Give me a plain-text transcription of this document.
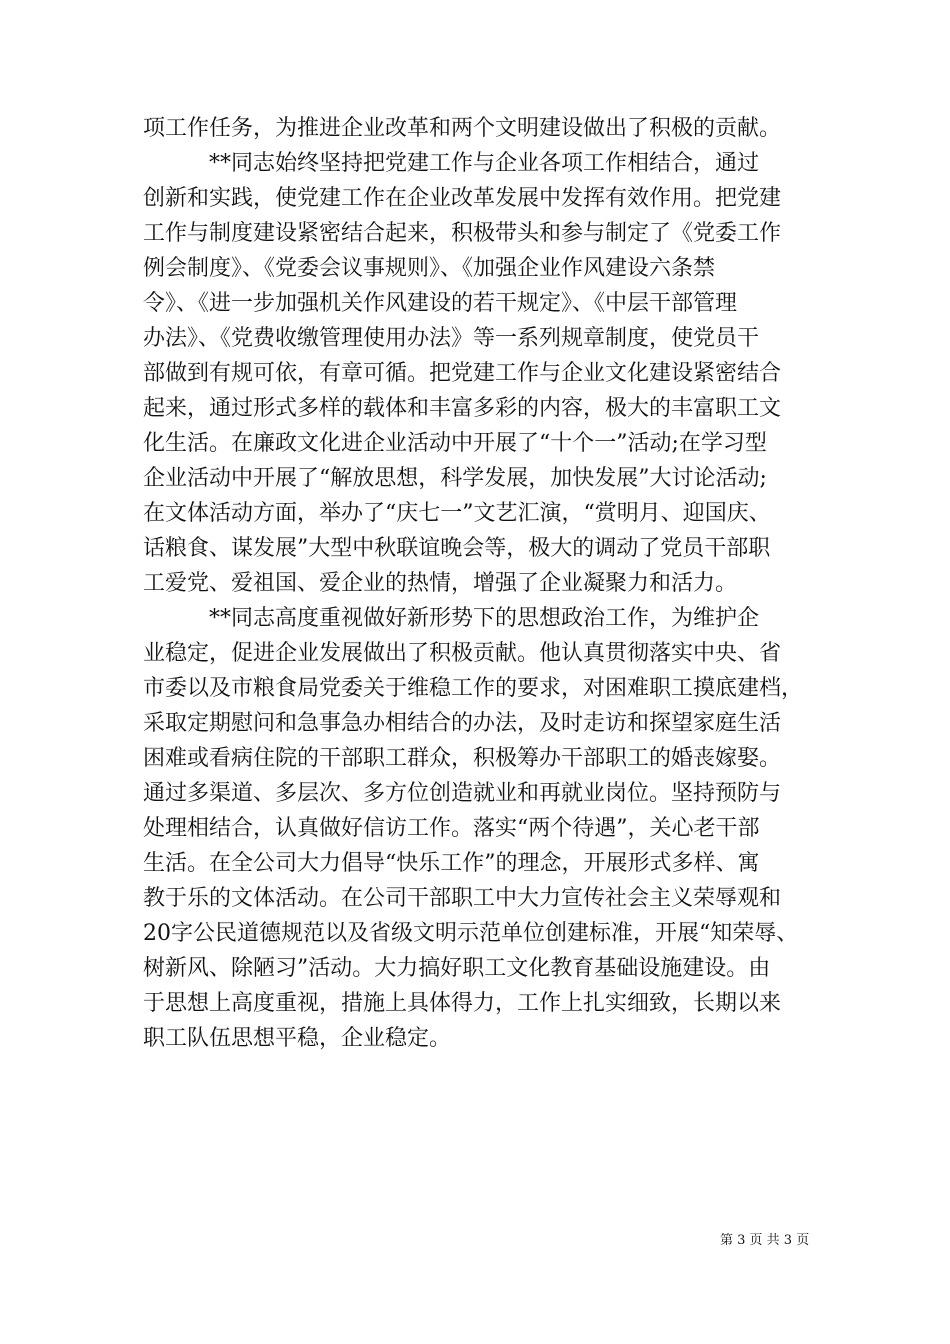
项工作任务，为推进企业改革和两个文明建设做出了积极的贡献。
　　　**同志始终坚持把党建工作与企业各项工作相结合，通过
创新和实践，使党建工作在企业改革发展中发挥有效作用。把党建
工作与制度建设紧密结合起来，积极带头和参与制定了《党委工作
例会制度》、《党委会议事规则》、《加强企业作风建设六条禁
令》、《进一步加强机关作风建设的若干规定》、《中层干部管理
办法》、《党费收缴管理使用办法》等一系列规章制度，使党员干
部做到有规可依，有章可循。把党建工作与企业文化建设紧密结合
起来，通过形式多样的载体和丰富多彩的内容，极大的丰富职工文
化生活。在廉政文化进企业活动中开展了“十个一”活动;在学习型
企业活动中开展了“解放思想，科学发展，加快发展”大讨论活动;
在文体活动方面，举办了“庆七一”文艺汇演，“赏明月、迎国庆、
话粮食、谋发展”大型中秋联谊晚会等，极大的调动了党员干部职
工爱党、爱祖国、爱企业的热情，增强了企业凝聚力和活力。
　　　**同志高度重视做好新形势下的思想政治工作，为维护企
业稳定，促进企业发展做出了积极贡献。他认真贯彻落实中央、省
市委以及市粮食局党委关于维稳工作的要求，对困难职工摸底建档，
采取定期慰问和急事急办相结合的办法，及时走访和探望家庭生活
困难或看病住院的干部职工群众，积极筹办干部职工的婚丧嫁娶。
通过多渠道、多层次、多方位创造就业和再就业岗位。坚持预防与
处理相结合，认真做好信访工作。落实“两个待遇”，关心老干部
生活。在全公司大力倡导“快乐工作”的理念，开展形式多样、寓
教于乐的文体活动。在公司干部职工中大力宣传社会主义荣辱观和
20字公民道德规范以及省级文明示范单位创建标准，开展“知荣辱、
树新风、除陋习”活动。大力搞好职工文化教育基础设施建设。由
于思想上高度重视，措施上具体得力，工作上扎实细致，长期以来
职工队伍思想平稳，企业稳定。
第 3 页 共 3 页
